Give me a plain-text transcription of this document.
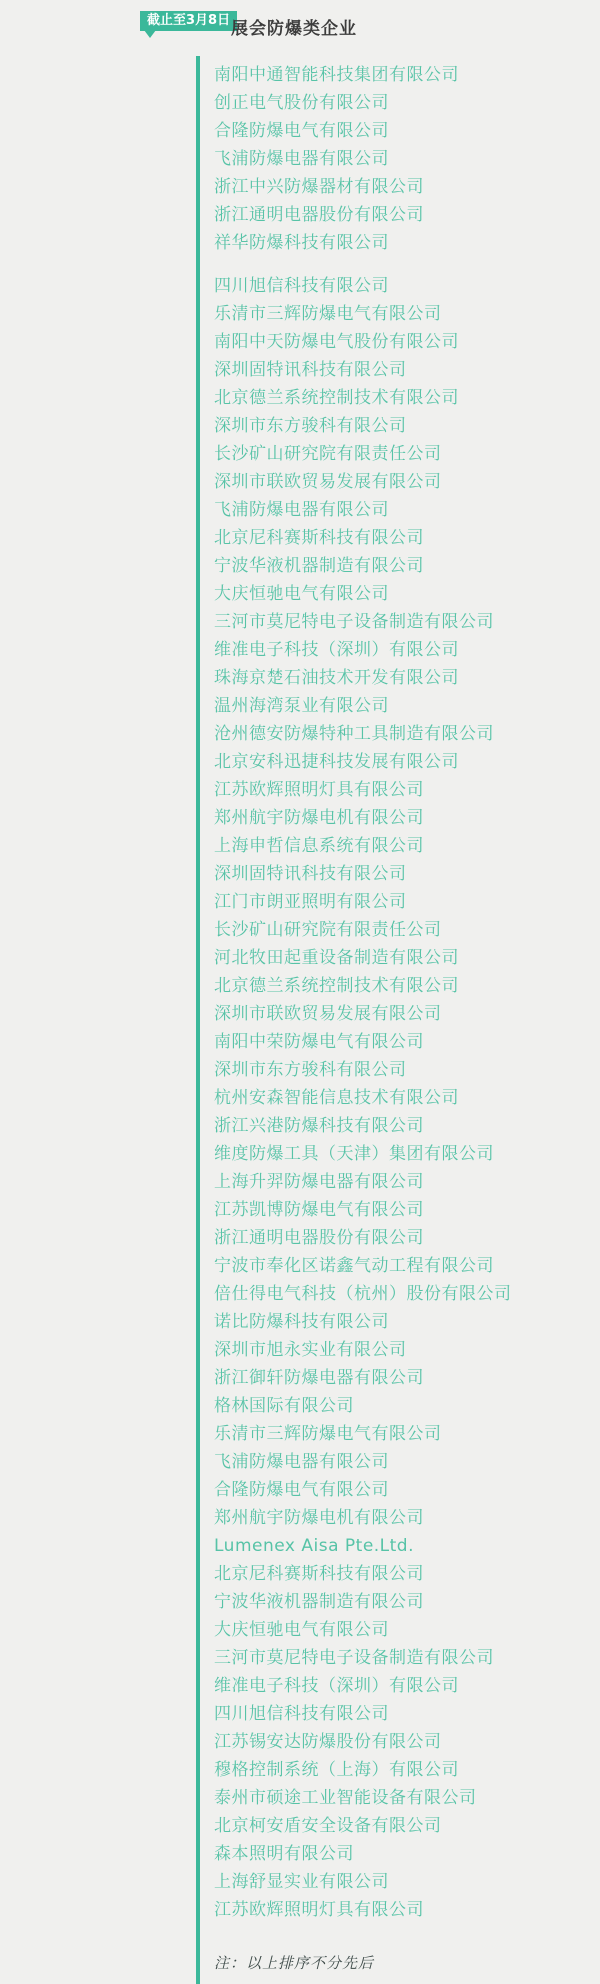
截止至3月8日 展会防爆类企业

南阳中通智能科技集团有限公司

创正电气股份有限公司

合隆防爆电气有限公司

飞浦防爆电器有限公司

浙江中兴防爆器材有限公司

浙江通明电器股份有限公司

祥华防爆科技有限公司

四川旭信科技有限公司

乐清市三辉防爆电气有限公司

南阳中天防爆电气股份有限公司

深圳固特讯科技有限公司

北京德兰系统控制技术有限公司

深圳市东方骏科有限公司

长沙矿山研究院有限责任公司

深圳市联欧贸易发展有限公司

飞浦防爆电器有限公司

北京尼科赛斯科技有限公司

宁波华液机器制造有限公司

大庆恒驰电气有限公司

三河市莫尼特电子设备制造有限公司

维准电子科技（深圳）有限公司

珠海京楚石油技术开发有限公司

温州海湾泵业有限公司

沧州德安防爆特种工具制造有限公司

北京安科迅捷科技发展有限公司

江苏欧辉照明灯具有限公司

郑州航宇防爆电机有限公司

上海申哲信息系统有限公司

深圳固特讯科技有限公司

江门市朗亚照明有限公司

长沙矿山研究院有限责任公司

河北牧田起重设备制造有限公司

北京德兰系统控制技术有限公司

深圳市联欧贸易发展有限公司

南阳中荣防爆电气有限公司

深圳市东方骏科有限公司

杭州安森智能信息技术有限公司

浙江兴港防爆科技有限公司

维度防爆工具（天津）集团有限公司

上海升羿防爆电器有限公司

江苏凯博防爆电气有限公司

浙江通明电器股份有限公司

宁波市奉化区诺鑫气动工程有限公司

倍仕得电气科技（杭州）股份有限公司

诺比防爆科技有限公司

深圳市旭永实业有限公司

浙江御轩防爆电器有限公司

格林国际有限公司

乐清市三辉防爆电气有限公司

飞浦防爆电器有限公司

合隆防爆电气有限公司

郑州航宇防爆电机有限公司

Lumenex Aisa Pte.Ltd.

北京尼科赛斯科技有限公司

宁波华液机器制造有限公司

大庆恒驰电气有限公司

三河市莫尼特电子设备制造有限公司

维准电子科技（深圳）有限公司

四川旭信科技有限公司

江苏锡安达防爆股份有限公司

穆格控制系统（上海）有限公司

泰州市硕途工业智能设备有限公司

北京柯安盾安全设备有限公司

森本照明有限公司

上海舒显实业有限公司

江苏欧辉照明灯具有限公司

注：以上排序不分先后
